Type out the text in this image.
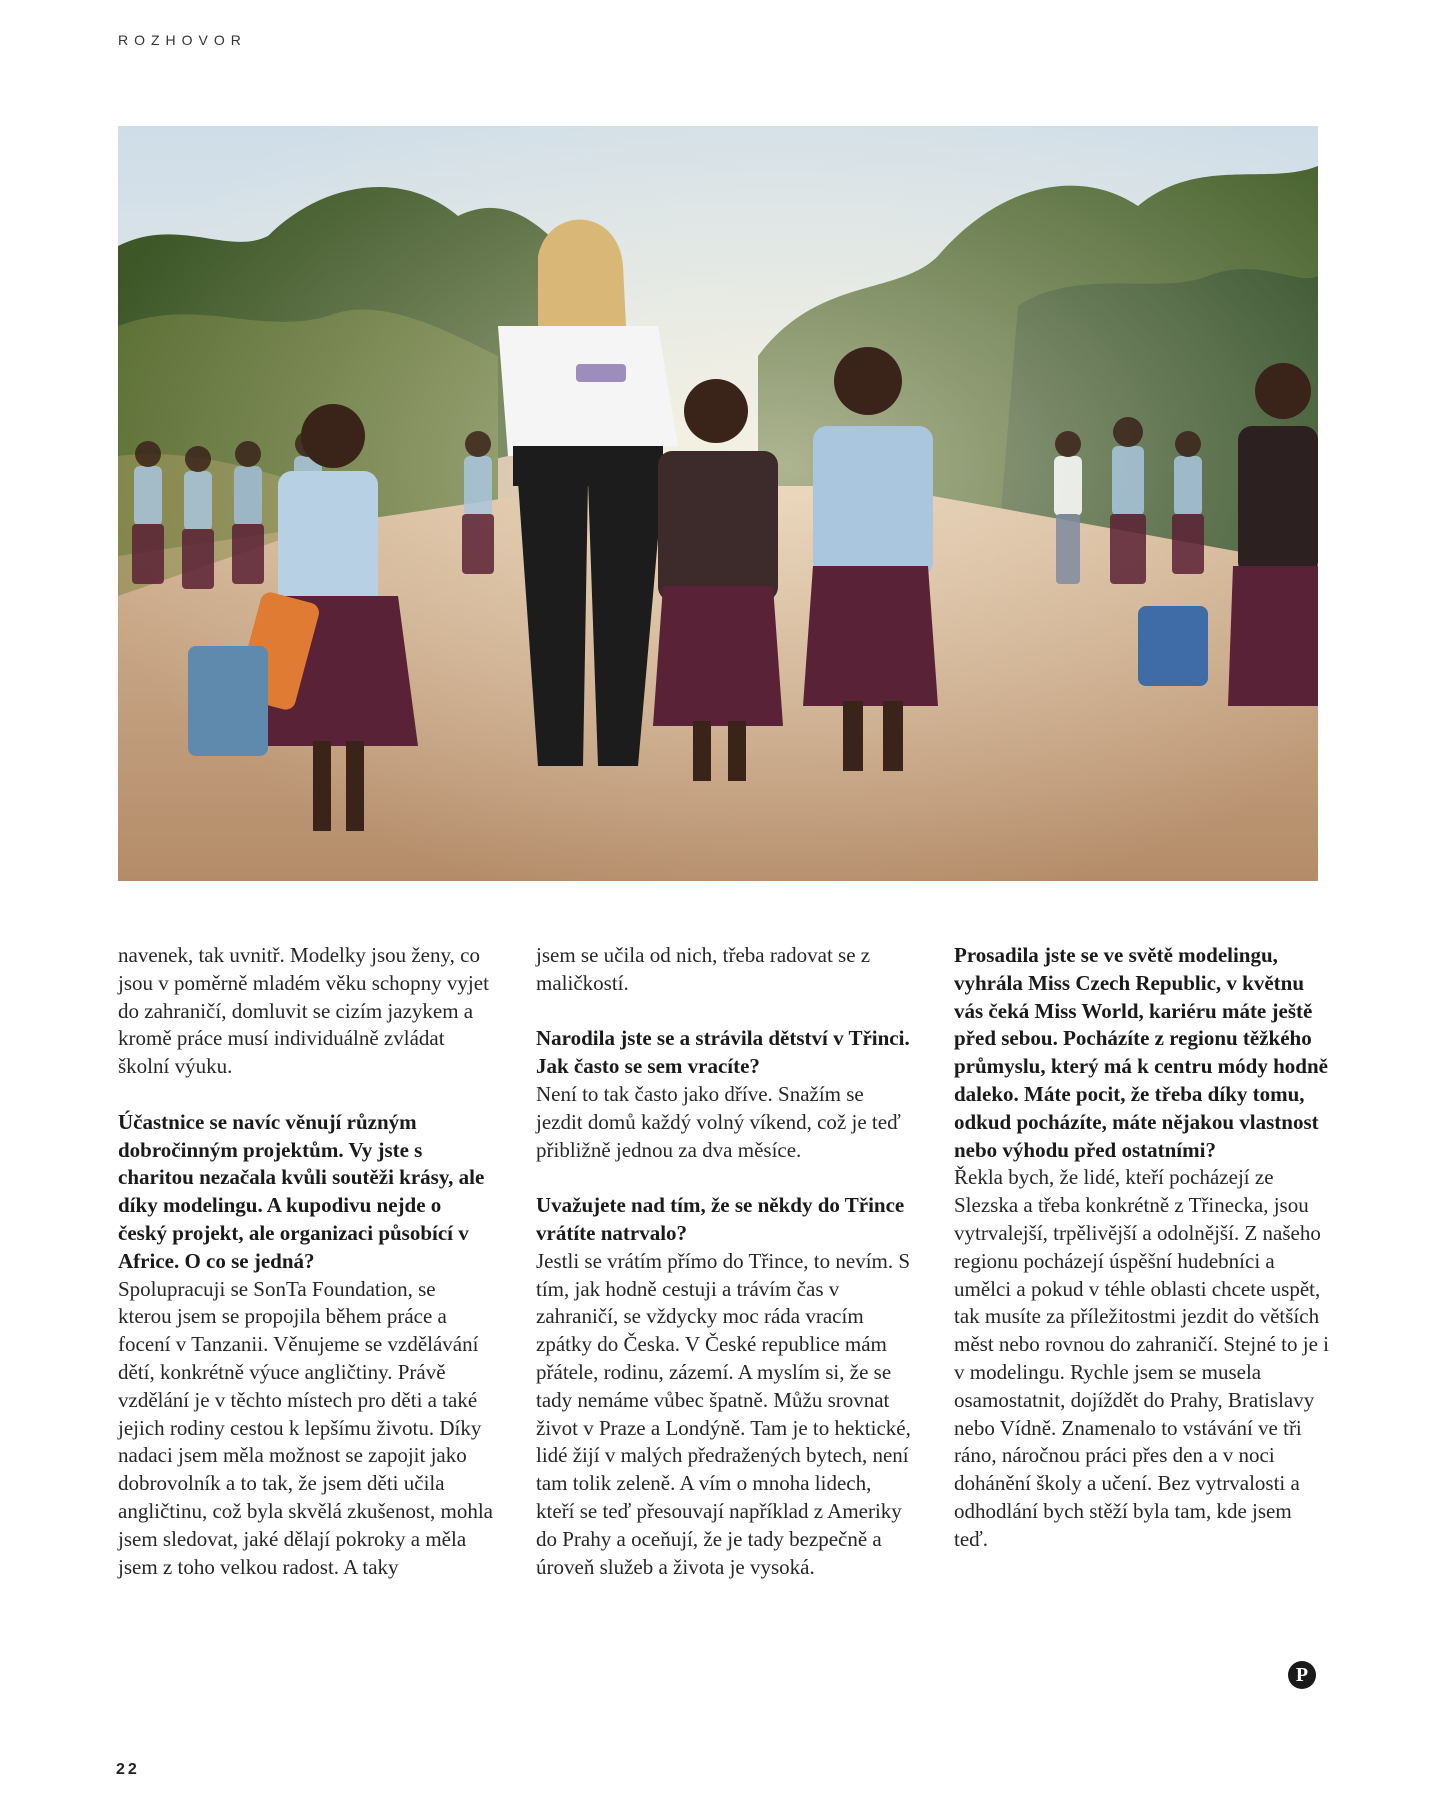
ROZHOVOR

navenek, tak uvnitř. Modelky jsou ženy, co jsou v poměrně mladém věku schopny vyjet do zahraničí, domluvit se cizím jazykem a kromě práce musí individuálně zvládat školní výuku.

Účastnice se navíc věnují různým dobročinným projektům. Vy jste s charitou nezačala kvůli soutěži krásy, ale díky modelingu. A kupodivu nejde o český projekt, ale organizaci působící v Africe. O co se jedná?

Spolupracuji se SonTa Foundation, se kterou jsem se propojila během práce a focení v Tanzanii. Věnujeme se vzdělávání dětí, konkrétně výuce angličtiny. Právě vzdělání je v těchto místech pro děti a také jejich rodiny cestou k lepšímu životu. Díky nadaci jsem měla možnost se zapojit jako dobrovolník a to tak, že jsem děti učila angličtinu, což byla skvělá zkušenost, mohla jsem sledovat, jaké dělají pokroky a měla jsem z toho velkou radost. A taky

jsem se učila od nich, třeba radovat se z maličkostí.

Narodila jste se a strávila dětství v Třinci. Jak často se sem vracíte?

Není to tak často jako dříve. Snažím se jezdit domů každý volný víkend, což je teď přibližně jednou za dva měsíce.

Uvažujete nad tím, že se někdy do Třince vrátíte natrvalo?

Jestli se vrátím přímo do Třince, to nevím. S tím, jak hodně cestuji a trávím čas v zahraničí, se vždycky moc ráda vracím zpátky do Česka. V České republice mám přátele, rodinu, zázemí. A myslím si, že se tady nemáme vůbec špatně. Můžu srovnat život v Praze a Londýně. Tam je to hektické, lidé žijí v malých předražených bytech, není tam tolik zeleně. A vím o mnoha lidech, kteří se teď přesouvají například z Ameriky do Prahy a oceňují, že je tady bezpečně a úroveň služeb a života je vysoká.

Prosadila jste se ve světě modelingu, vyhrála Miss Czech Republic, v květnu vás čeká Miss World, kariéru máte ještě před sebou. Pocházíte z regionu těžkého průmyslu, který má k centru módy hodně daleko. Máte pocit, že třeba díky tomu, odkud pocházíte, máte nějakou vlastnost nebo výhodu před ostatními?

Řekla bych, že lidé, kteří pocházejí ze Slezska a třeba konkrétně z Třinecka, jsou vytrvalejší, trpělivější a odolnější. Z našeho regionu pocházejí úspěšní hudebníci a umělci a pokud v téhle oblasti chcete uspět, tak musíte za příležitostmi jezdit do větších měst nebo rovnou do zahraničí. Stejné to je i v modelingu. Rychle jsem se musela osamostatnit, dojíždět do Prahy, Bratislavy nebo Vídně. Znamenalo to vstávání ve tři ráno, náročnou práci přes den a v noci dohánění školy a učení. Bez vytrvalosti a odhodlání bych stěží byla tam, kde jsem teď.

P
22
